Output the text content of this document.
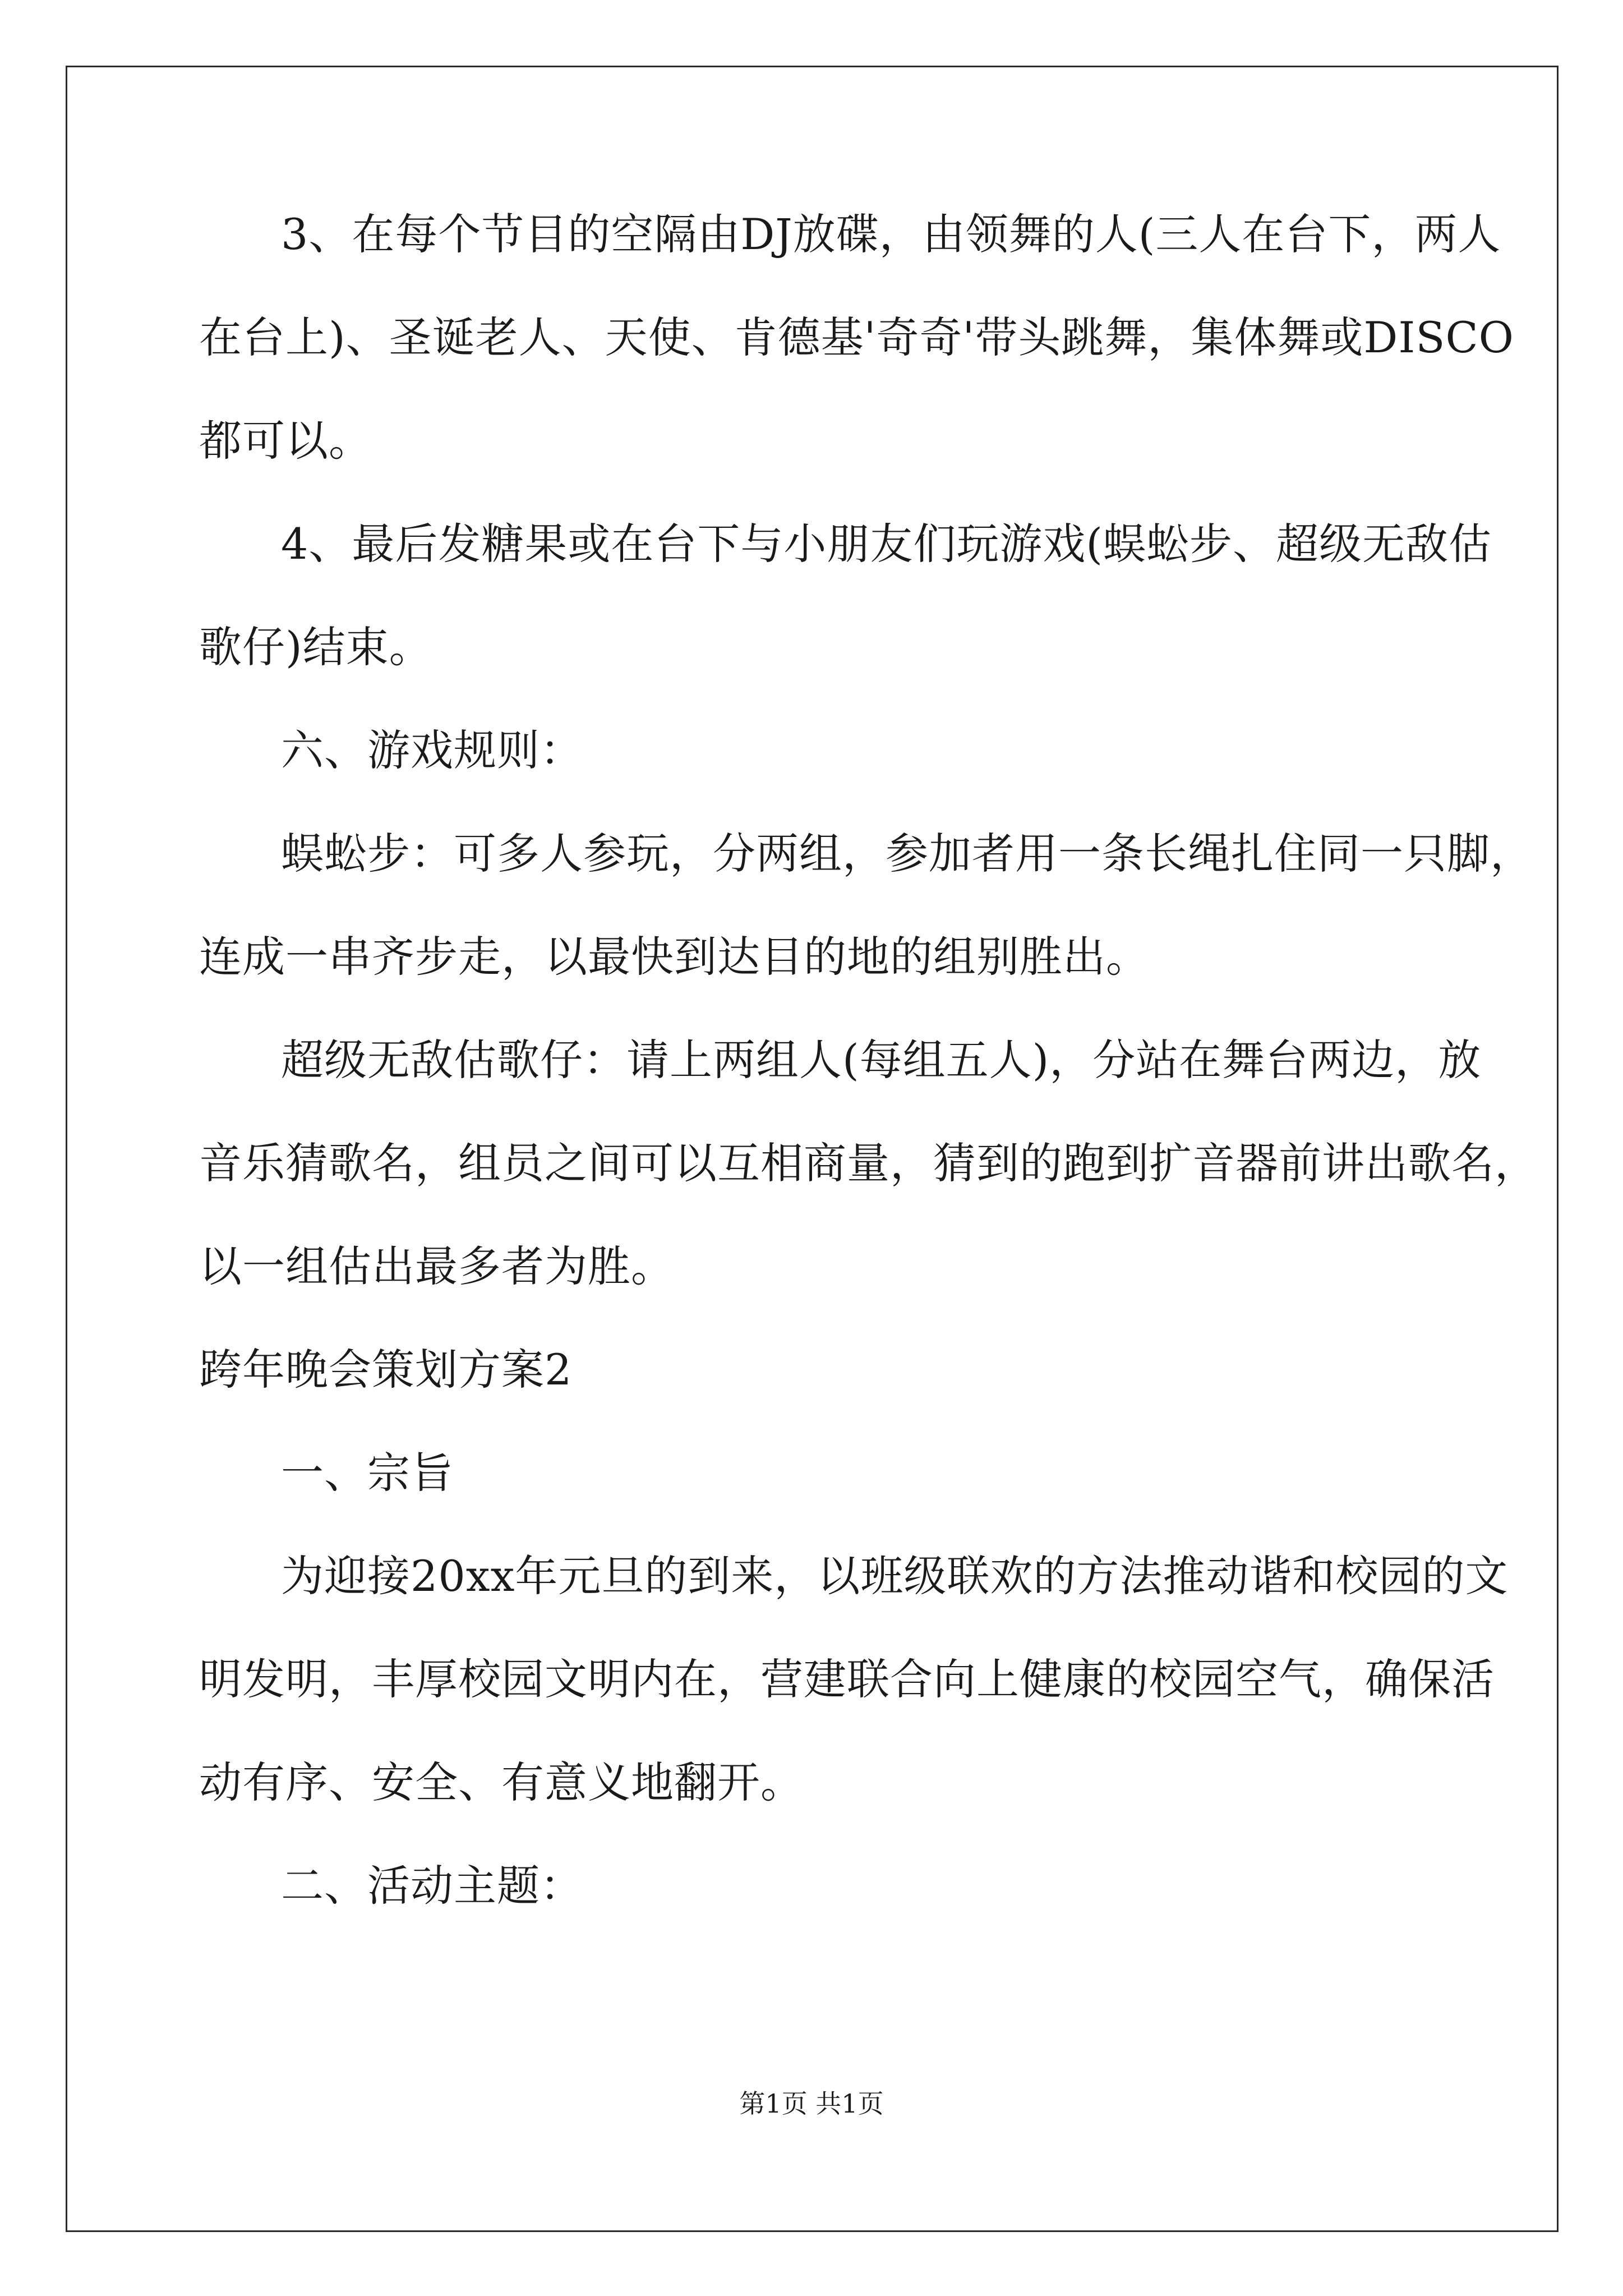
3、在每个节目的空隔由DJ放碟，由领舞的人(三人在台下，两人
在台上)、圣诞老人、天使、肯德基'奇奇'带头跳舞，集体舞或DISCO
都可以。
4、最后发糖果或在台下与小朋友们玩游戏(蜈蚣步、超级无敌估
歌仔)结束。
六、游戏规则：
蜈蚣步：可多人参玩，分两组，参加者用一条长绳扎住同一只脚，
连成一串齐步走，以最快到达目的地的组别胜出。
超级无敌估歌仔：请上两组人(每组五人)，分站在舞台两边，放
音乐猜歌名，组员之间可以互相商量，猜到的跑到扩音器前讲出歌名，
以一组估出最多者为胜。
跨年晚会策划方案2
一、宗旨
为迎接20xx年元旦的到来，以班级联欢的方法推动谐和校园的文
明发明，丰厚校园文明内在，营建联合向上健康的校园空气，确保活
动有序、安全、有意义地翻开。
二、活动主题：
第1页 共1页
